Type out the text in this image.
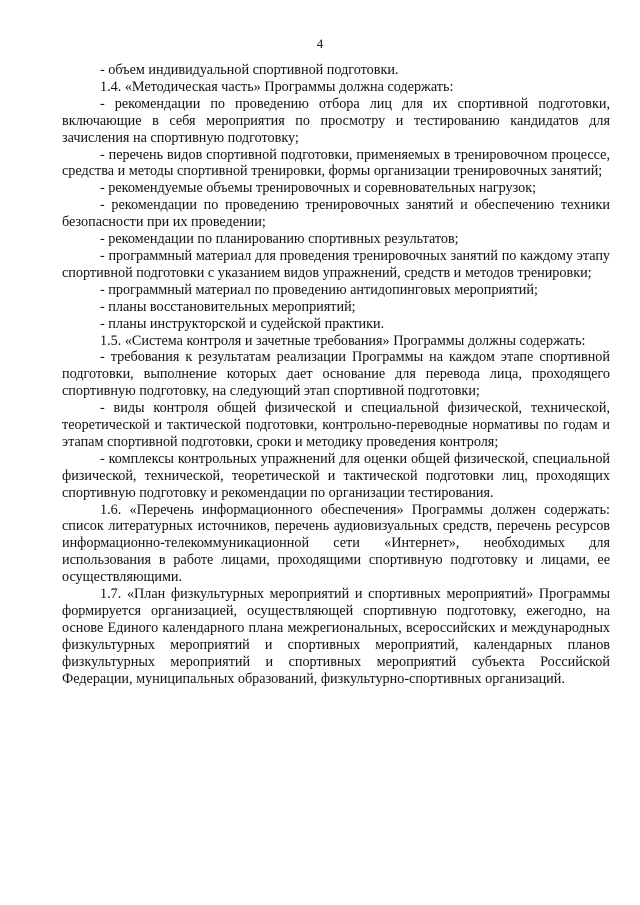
4

- объем индивидуальной спортивной подготовки.

1.4. «Методическая часть» Программы должна содержать:

- рекомендации по проведению отбора лиц для их спортивной подготовки, включающие в себя мероприятия по просмотру и тестированию кандидатов для зачисления на спортивную подготовку;

- перечень видов спортивной подготовки, применяемых в тренировочном процессе, средства и методы спортивной тренировки, формы организации тренировочных занятий;

- рекомендуемые объемы тренировочных и соревновательных нагрузок;

- рекомендации по проведению тренировочных занятий и обеспечению техники безопасности при их проведении;

- рекомендации по планированию спортивных результатов;

- программный материал для проведения тренировочных занятий по каждому этапу спортивной подготовки с указанием видов упражнений, средств и методов тренировки;

- программный материал по проведению антидопинговых мероприятий;

- планы восстановительных мероприятий;

- планы инструкторской и судейской практики.

1.5. «Система контроля и зачетные требования» Программы должны содержать:

- требования к результатам реализации Программы на каждом этапе спортивной подготовки, выполнение которых дает основание для перевода лица, проходящего спортивную подготовку, на следующий этап спортивной подготовки;

- виды контроля общей физической и специальной физической, технической, теоретической и тактической подготовки, контрольно-переводные нормативы по годам и этапам спортивной подготовки, сроки и методику проведения контроля;

- комплексы контрольных упражнений для оценки общей физической, специальной физической, технической, теоретической и тактической подготовки лиц, проходящих спортивную подготовку и рекомендации по организации тестирования.

1.6. «Перечень информационного обеспечения» Программы должен содержать: список литературных источников, перечень аудиовизуальных средств, перечень ресурсов информационно-телекоммуникационной сети «Интернет», необходимых для использования в работе лицами, проходящими спортивную подготовку и лицами, ее осуществляющими.

1.7. «План физкультурных мероприятий и спортивных мероприятий» Программы формируется организацией, осуществляющей спортивную подготовку, ежегодно, на основе Единого календарного плана межрегиональных, всероссийских и международных физкультурных мероприятий и спортивных мероприятий, календарных планов физкультурных мероприятий и спортивных мероприятий субъекта Российской Федерации, муниципальных образований, физкультурно-спортивных организаций.
